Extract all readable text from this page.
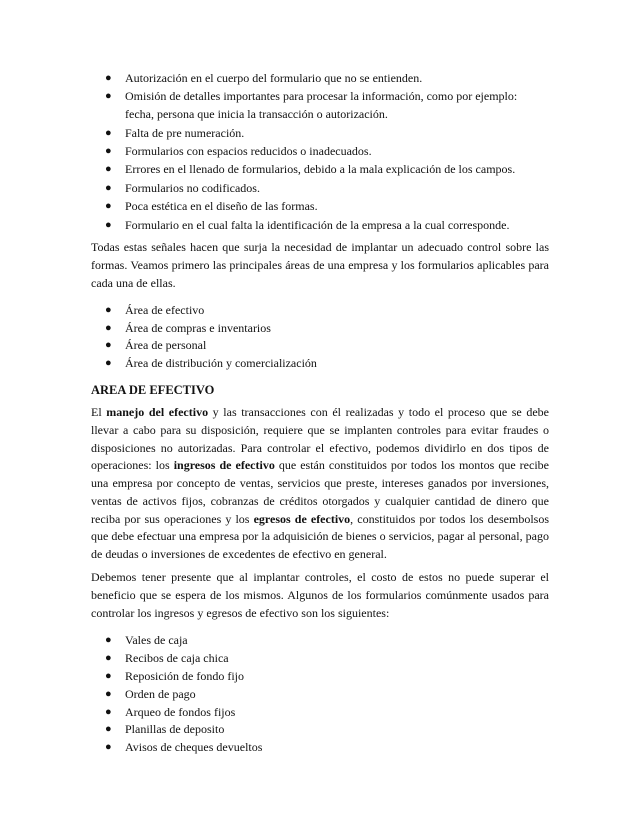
● Autorización en el cuerpo del formulario que no se entienden.
● Omisión de detalles importantes para procesar la información, como por ejemplo: fecha, persona que inicia la transacción o autorización.
● Falta de pre numeración.
● Formularios con espacios reducidos o inadecuados.
● Errores en el llenado de formularios, debido a la mala explicación de los campos.
● Formularios no codificados.
● Poca estética en el diseño de las formas.
● Formulario en el cual falta la identificación de la empresa a la cual corresponde.

Todas estas señales hacen que surja la necesidad de implantar un adecuado control sobre las formas. Veamos primero las principales áreas de una empresa y los formularios aplicables para cada una de ellas.

● Área de efectivo
● Área de compras e inventarios
● Área de personal
● Área de distribución y comercialización
AREA DE EFECTIVO

El manejo del efectivo y las transacciones con él realizadas y todo el proceso que se debe llevar a cabo para su disposición, requiere que se implanten controles para evitar fraudes o disposiciones no autorizadas. Para controlar el efectivo, podemos dividirlo en dos tipos de operaciones: los ingresos de efectivo que están constituidos por todos los montos que recibe una empresa por concepto de ventas, servicios que preste, intereses ganados por inversiones, ventas de activos fijos, cobranzas de créditos otorgados y cualquier cantidad de dinero que reciba por sus operaciones y los egresos de efectivo, constituidos por todos los desembolsos que debe efectuar una empresa por la adquisición de bienes o servicios, pagar al personal, pago de deudas o inversiones de excedentes de efectivo en general.

Debemos tener presente que al implantar controles, el costo de estos no puede superar el beneficio que se espera de los mismos. Algunos de los formularios comúnmente usados para controlar los ingresos y egresos de efectivo son los siguientes:

● Vales de caja
● Recibos de caja chica
● Reposición de fondo fijo
● Orden de pago
● Arqueo de fondos fijos
● Planillas de deposito
● Avisos de cheques devueltos
